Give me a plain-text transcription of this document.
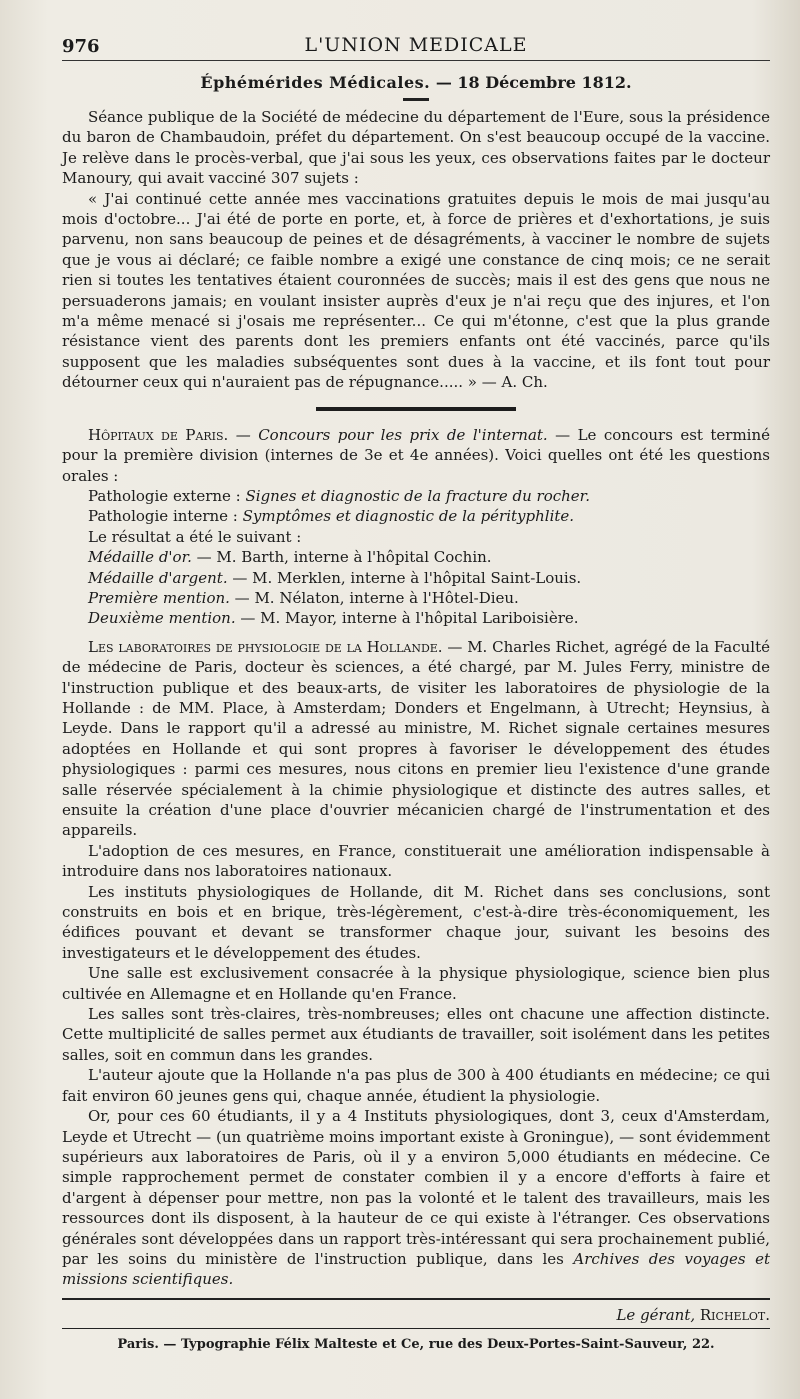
976	L'UNION MEDICALE
Éphémérides Médicales. — 18 Décembre 1812.

Séance publique de la Société de médecine du département de l'Eure, sous la présidence du baron de Chambaudoin, préfet du département. On s'est beaucoup occupé de la vaccine. Je relève dans le procès-verbal, que j'ai sous les yeux, ces observations faites par le docteur Manoury, qui avait vacciné 307 sujets :

« J'ai continué cette année mes vaccinations gratuites depuis le mois de mai jusqu'au mois d'octobre... J'ai été de porte en porte, et, à force de prières et d'exhortations, je suis parvenu, non sans beaucoup de peines et de désagréments, à vacciner le nombre de sujets que je vous ai déclaré; ce faible nombre a exigé une constance de cinq mois; ce ne serait rien si toutes les tentatives étaient couronnées de succès; mais il est des gens que nous ne persuaderons jamais; en voulant insister auprès d'eux je n'ai reçu que des injures, et l'on m'a même menacé si j'osais me représenter... Ce qui m'étonne, c'est que la plus grande résistance vient des parents dont les premiers enfants ont été vaccinés, parce qu'ils supposent que les maladies subséquentes sont dues à la vaccine, et ils font tout pour détourner ceux qui n'auraient pas de répugnance..... » — A. Ch.

Hôpitaux de Paris. — Concours pour les prix de l'internat. — Le concours est terminé pour la première division (internes de 3e et 4e années). Voici quelles ont été les questions orales :

Pathologie externe : Signes et diagnostic de la fracture du rocher.

Pathologie interne : Symptômes et diagnostic de la pérityphlite.

Le résultat a été le suivant :

Médaille d'or. — M. Barth, interne à l'hôpital Cochin.

Médaille d'argent. — M. Merklen, interne à l'hôpital Saint-Louis.

Première mention. — M. Nélaton, interne à l'Hôtel-Dieu.

Deuxième mention. — M. Mayor, interne à l'hôpital Lariboisière.

Les laboratoires de physiologie de la Hollande. — M. Charles Richet, agrégé de la Faculté de médecine de Paris, docteur ès sciences, a été chargé, par M. Jules Ferry, ministre de l'instruction publique et des beaux-arts, de visiter les laboratoires de physiologie de la Hollande : de MM. Place, à Amsterdam; Donders et Engelmann, à Utrecht; Heynsius, à Leyde. Dans le rapport qu'il a adressé au ministre, M. Richet signale certaines mesures adoptées en Hollande et qui sont propres à favoriser le développement des études physiologiques : parmi ces mesures, nous citons en premier lieu l'existence d'une grande salle réservée spécialement à la chimie physiologique et distincte des autres salles, et ensuite la création d'une place d'ouvrier mécanicien chargé de l'instrumentation et des appareils.

L'adoption de ces mesures, en France, constituerait une amélioration indispensable à introduire dans nos laboratoires nationaux.

Les instituts physiologiques de Hollande, dit M. Richet dans ses conclusions, sont construits en bois et en brique, très-légèrement, c'est-à-dire très-économiquement, les édifices pouvant et devant se transformer chaque jour, suivant les besoins des investigateurs et le développement des études.

Une salle est exclusivement consacrée à la physique physiologique, science bien plus cultivée en Allemagne et en Hollande qu'en France.

Les salles sont très-claires, très-nombreuses; elles ont chacune une affection distincte. Cette multiplicité de salles permet aux étudiants de travailler, soit isolément dans les petites salles, soit en commun dans les grandes.

L'auteur ajoute que la Hollande n'a pas plus de 300 à 400 étudiants en médecine; ce qui fait environ 60 jeunes gens qui, chaque année, étudient la physiologie.

Or, pour ces 60 étudiants, il y a 4 Instituts physiologiques, dont 3, ceux d'Amsterdam, Leyde et Utrecht — (un quatrième moins important existe à Groningue), — sont évidemment supérieurs aux laboratoires de Paris, où il y a environ 5,000 étudiants en médecine. Ce simple rapprochement permet de constater combien il y a encore d'efforts à faire et d'argent à dépenser pour mettre, non pas la volonté et le talent des travailleurs, mais les ressources dont ils disposent, à la hauteur de ce qui existe à l'étranger. Ces observations générales sont développées dans un rapport très-intéressant qui sera prochainement publié, par les soins du ministère de l'instruction publique, dans les Archives des voyages et missions scientifiques.

Le gérant, Richelot.
Paris. — Typographie Félix Malteste et Ce, rue des Deux-Portes-Saint-Sauveur, 22.
